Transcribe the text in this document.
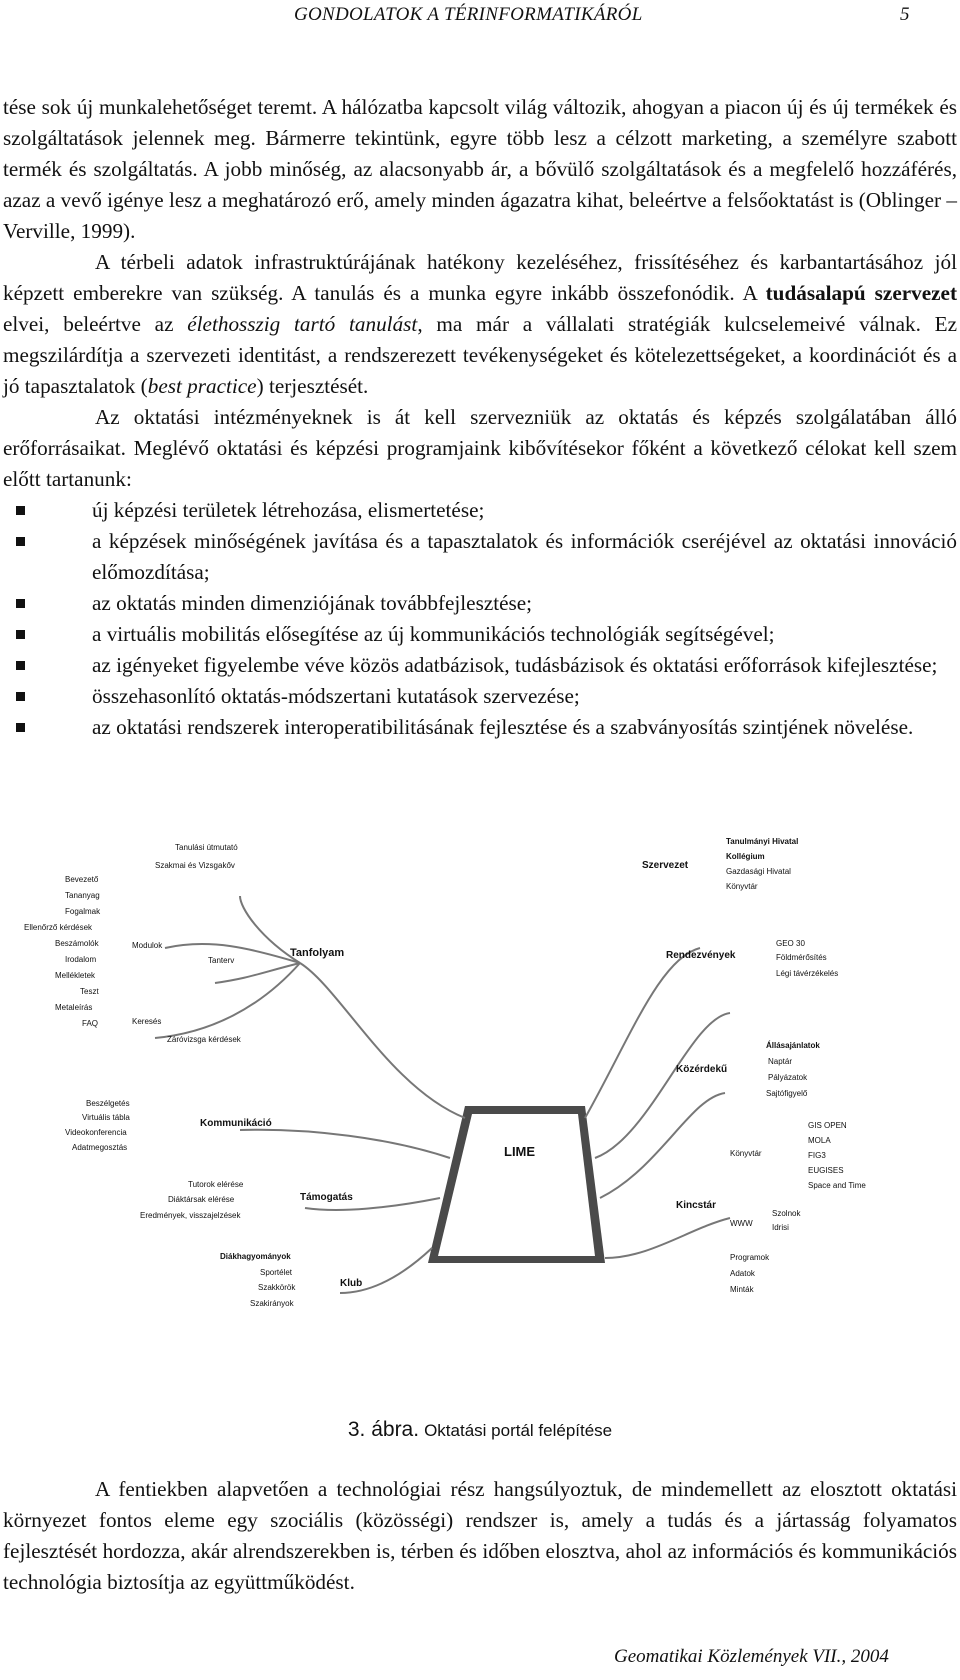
GONDOLATOK A TÉRINFORMATIKÁRÓL	5

tése sok új munkalehetőséget teremt. A hálózatba kapcsolt világ változik, ahogyan a piacon új és új termékek és szolgáltatások jelennek meg. Bármerre tekintünk, egyre több lesz a célzott marketing, a személyre szabott termék és szolgáltatás. A jobb minőség, az alacsonyabb ár, a bővülő szolgáltatások és a megfelelő hozzáférés, azaz a vevő igénye lesz a meghatározó erő, amely minden ágazatra kihat, beleértve a felsőoktatást is (Oblinger – Verville, 1999).

A térbeli adatok infrastruktúrájának hatékony kezeléséhez, frissítéséhez és karbantartásához jól képzett emberekre van szükség. A tanulás és a munka egyre inkább összefonódik. A tudásalapú szervezet elvei, beleértve az élethosszig tartó tanulást, ma már a vállalati stratégiák kulcselemeivé válnak. Ez megszilárdítja a szervezeti identitást, a rendszerezett tevékenységeket és kötelezettségeket, a koordinációt és a jó tapasztalatok (best practice) terjesztését.

Az oktatási intézményeknek is át kell szervezniük az oktatás és képzés szolgálatában álló erőforrásaikat. Meglévő oktatási és képzési programjaink kibővítésekor főként a következő célokat kell szem előtt tartanunk:

új képzési területek létrehozása, elismertetése;
a képzések minőségének javítása és a tapasztalatok és információk cseréjével az oktatási innováció előmozdítása;
az oktatás minden dimenziójának továbbfejlesztése;
a virtuális mobilitás elősegítése az új kommunikációs technológiák segítségével;
az igényeket figyelembe véve közös adatbázisok, tudásbázisok és oktatási erőforrások kifejlesztése;
összehasonlító oktatás-módszertani kutatások szervezése;
az oktatási rendszerek interoperatibilitásának fejlesztése és a szabványosítás szintjének növelése.
LIME
Tanfolyam
Tanulási útmutató
Szakmai és Vizsgakőv
Modulok
Tanterv
Keresés
Záróvizsga kérdések
Bevezető
Tananyag
Fogalmak
Ellenőrző kérdések
Beszámolók
Irodalom
Mellékletek
Teszt
Metaleírás
FAQ
Kommunikáció
Beszélgetés
Virtuális tábla
Videokonferencia
Adatmegosztás
Támogatás
Tutorok elérése
Diáktársak elérése
Eredmények, visszajelzések
Klub
Diákhagyományok
Sportélet
Szakkörök
Szakirányok
Szervezet
Tanulmányi Hivatal
Kollégium
Gazdasági Hivatal
Könyvtár
Rendezvények
GEO 30
Földmérősítés
Légi távérzékelés
Közérdekű
Állásajánlatok
Naptár
Pályázatok
Sajtófigyelő
Kincstár
Könyvtár
GIS OPEN
MOLA
FIG3
EUGISES
Space and Time
WWW
Szolnok
Idrisi
Programok
Adatok
Minták
3. ábra. Oktatási portál felépítése

A fentiekben alapvetően a technológiai rész hangsúlyoztuk, de mindemellett az elosztott oktatási környezet fontos eleme egy szociális (közösségi) rendszer is, amely a tudás és a jártasság folyamatos fejlesztését hordozza, akár alrendszerekben is, térben és időben elosztva, ahol az információs és kommunikációs technológia biztosítja az együttműködést.

Geomatikai Közlemények VII., 2004
